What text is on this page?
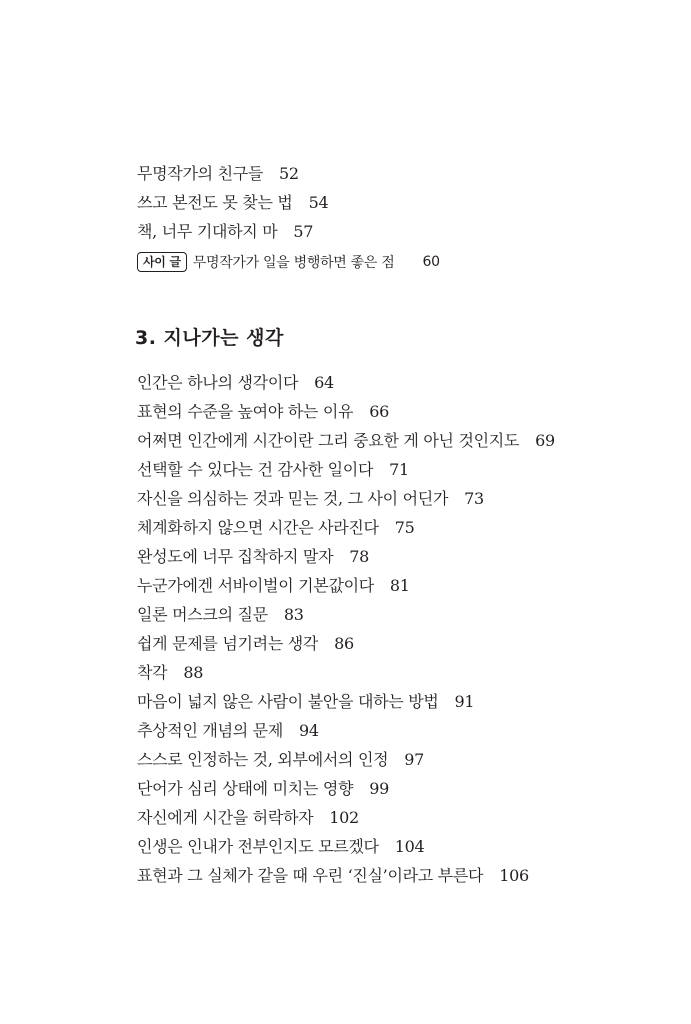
무명작가의 친구들 52
쓰고 본전도 못 찾는 법 54
책, 너무 기대하지 마 57
사이 글 무명작가가 일을 병행하면 좋은 점 60
3. 지나가는 생각
인간은 하나의 생각이다 64
표현의 수준을 높여야 하는 이유 66
어쩌면 인간에게 시간이란 그리 중요한 게 아닌 것인지도 69
선택할 수 있다는 건 감사한 일이다 71
자신을 의심하는 것과 믿는 것, 그 사이 어딘가 73
체계화하지 않으면 시간은 사라진다 75
완성도에 너무 집착하지 말자 78
누군가에겐 서바이벌이 기본값이다 81
일론 머스크의 질문 83
쉽게 문제를 넘기려는 생각 86
착각 88
마음이 넓지 않은 사람이 불안을 대하는 방법 91
추상적인 개념의 문제 94
스스로 인정하는 것, 외부에서의 인정 97
단어가 심리 상태에 미치는 영향 99
자신에게 시간을 허락하자 102
인생은 인내가 전부인지도 모르겠다 104
표현과 그 실체가 같을 때 우린 ‘진실’이라고 부른다 106
